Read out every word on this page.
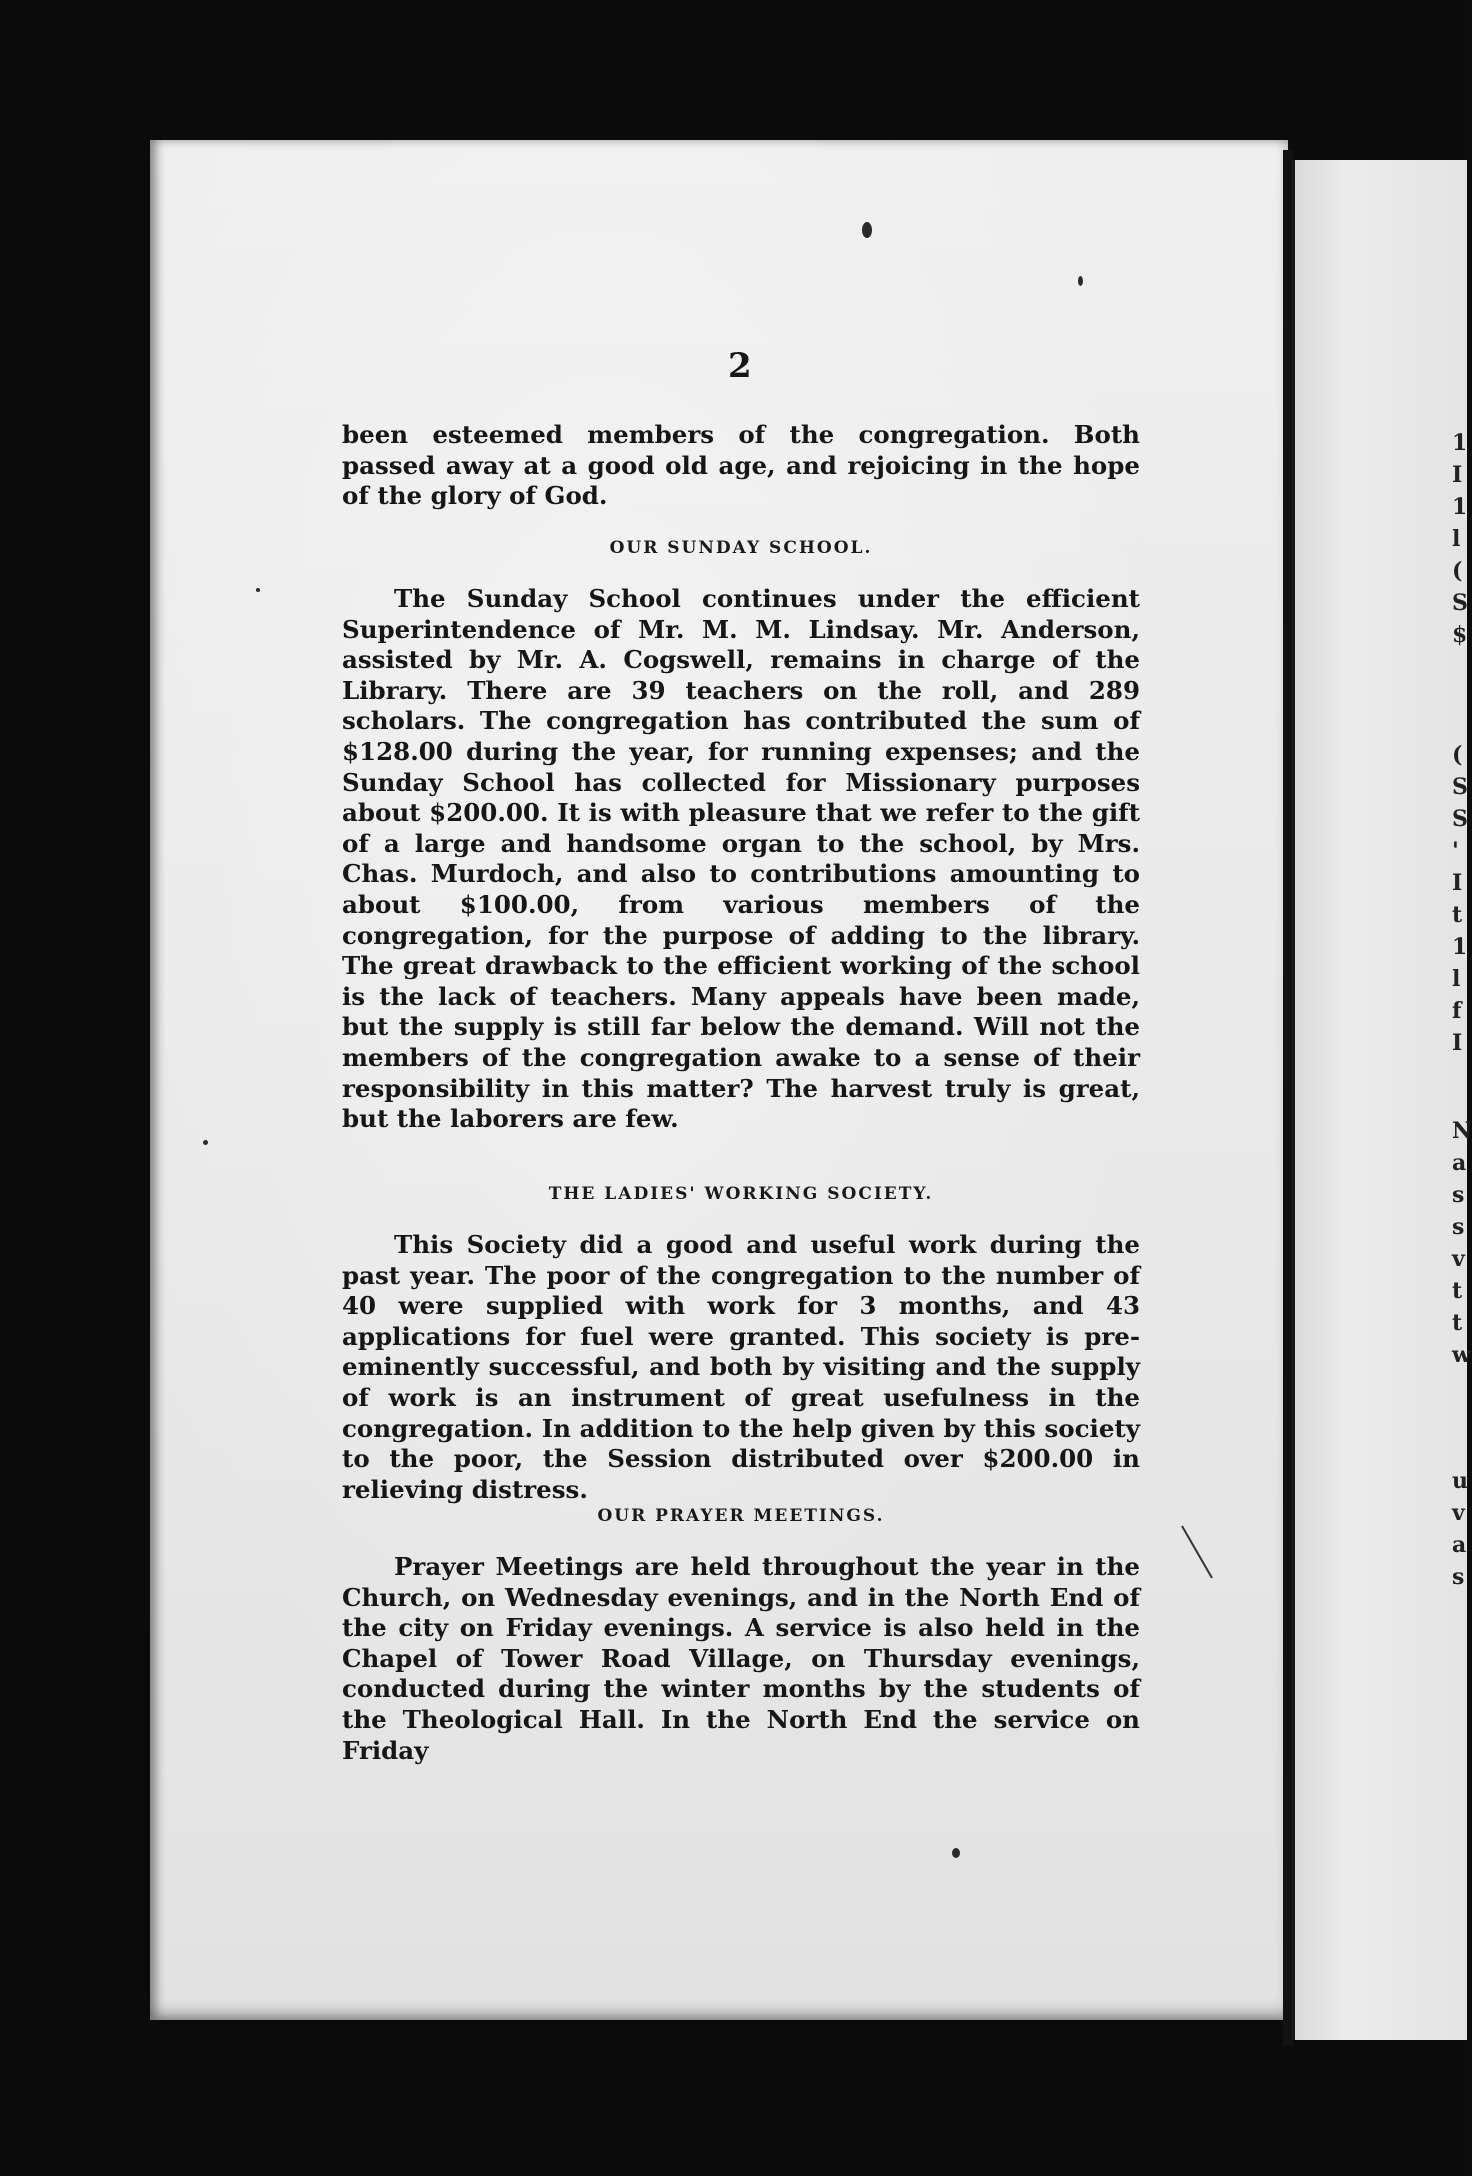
2

been esteemed members of the congregation. Both passed away at a good old age, and rejoicing in the hope of the glory of God.

OUR SUNDAY SCHOOL.

The Sunday School continues under the efficient Superintendence of Mr. M. M. Lindsay. Mr. Anderson, assisted by Mr. A. Cogswell, remains in charge of the Library. There are 39 teachers on the roll, and 289 scholars. The congregation has contributed the sum of $128.00 during the year, for running expenses; and the Sunday School has collected for Missionary purposes about $200.00. It is with pleasure that we refer to the gift of a large and handsome organ to the school, by Mrs. Chas. Murdoch, and also to contributions amounting to about $100.00, from various members of the congregation, for the purpose of adding to the library. The great drawback to the efficient working of the school is the lack of teachers. Many appeals have been made, but the supply is still far below the demand. Will not the members of the congregation awake to a sense of their responsibility in this matter? The harvest truly is great, but the laborers are few.

THE LADIES' WORKING SOCIETY.

This Society did a good and useful work during the past year. The poor of the congregation to the number of 40 were supplied with work for 3 months, and 43 applications for fuel were granted. This society is pre-eminently successful, and both by visiting and the supply of work is an instrument of great usefulness in the congregation. In addition to the help given by this society to the poor, the Session distributed over $200.00 in relieving distress.

OUR PRAYER MEETINGS.

Prayer Meetings are held throughout the year in the Church, on Wednesday evenings, and in the North End of the city on Friday evenings. A service is also held in the Chapel of Tower Road Village, on Thursday evenings, conducted during the winter months by the students of the Theological Hall. In the North End the service on Friday

1
I
1
l
(
S
$
(
S
S
'
I
t
1
l
f
I
N
a
s
s
v
t
t
w
u
v
a
s
